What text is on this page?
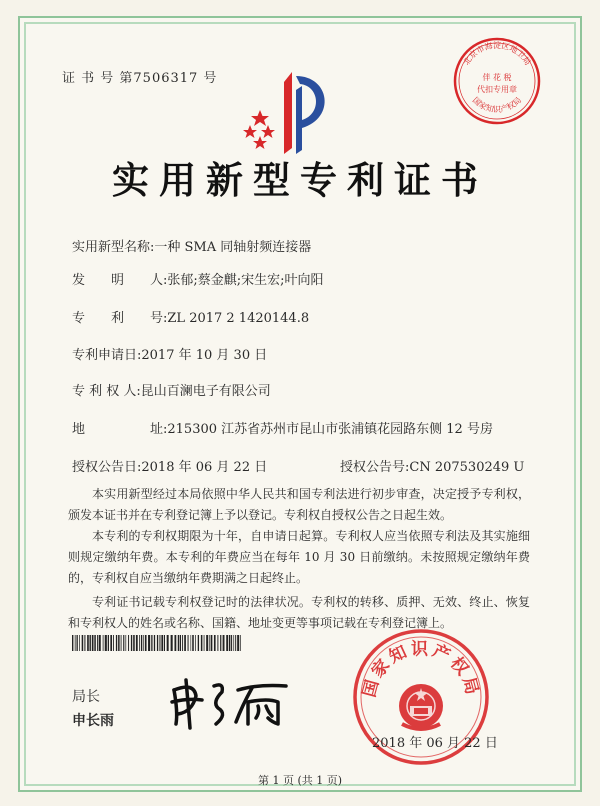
证 书 号 第7506317 号
北京市海淀区地卫局
伴 花 税
代扣专用章
国家知识产权局
实用新型专利证书
实用新型名称:一种 SMA 同轴射频连接器
发　　明　　人:张郁;蔡金麒;宋生宏;叶向阳
专　　利　　号:ZL 2017 2 1420144.8
专利申请日:2017 年 10 月 30 日
专 利 权 人:昆山百澜电子有限公司
地　　　　　址:215300 江苏省苏州市昆山市张浦镇花园路东侧 12 号房
授权公告日:2018 年 06 月 22 日	授权公告号:CN 207530249 U
本实用新型经过本局依照中华人民共和国专利法进行初步审查，决定授予专利权，颁发本证书并在专利登记簿上予以登记。专利权自授权公告之日起生效。
本专利的专利权期限为十年，自申请日起算。专利权人应当依照专利法及其实施细则规定缴纳年费。本专利的年费应当在每年 10 月 30 日前缴纳。未按照规定缴纳年费的，专利权自应当缴纳年费期满之日起终止。
专利证书记载专利权登记时的法律状况。专利权的转移、质押、无效、终止、恢复和专利权人的姓名或名称、国籍、地址变更等事项记载在专利登记簿上。
局长
申长雨
国家知识产权局
2018 年 06 月 22 日
第 1 页 (共 1 页)
